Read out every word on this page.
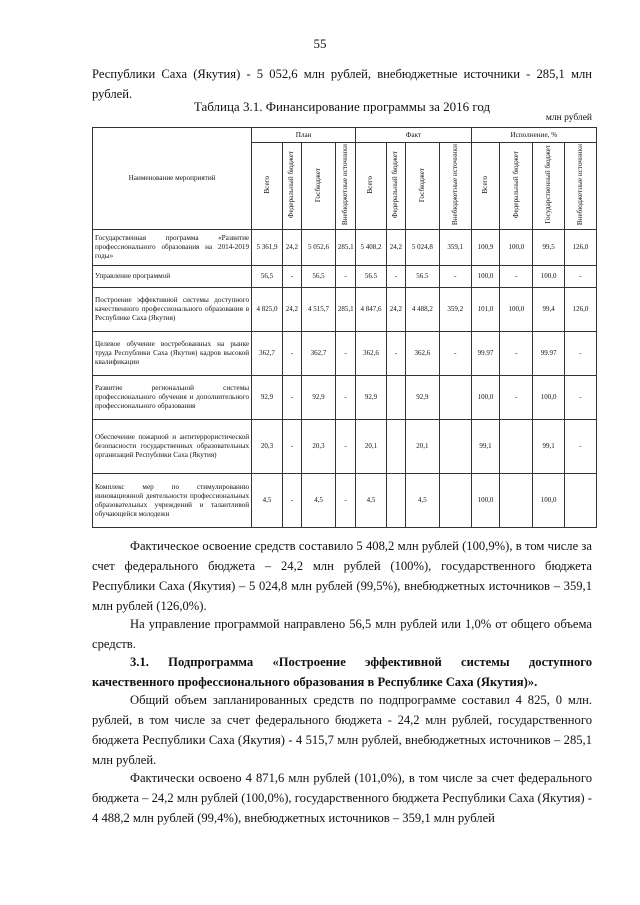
55

Республики Саха (Якутия) - 5 052,6 млн рублей, внебюджетные источники - 285,1 млн рублей.

Таблица 3.1. Финансирование программы за 2016 год
млн рублей
Наименование мероприятий	План				Факт				Исполнение, %			
	Всего	Федеральный бюджет	Госбюджет	Внебюджетные источники	Всего	Федеральный бюджет	Госбюджет	Внебюджетные источники	Всего	Федеральный бюджет	Государственный бюджет	Внебюджетные источники
Государственная программа «Развитие профессионального образования на 2014-2019 годы»	5 361,9	24,2	5 052,6	285,1	5 408,2	24,2	5 024,8	359,1	100,9	100,0	99,5	126,0
Управление программой	56,5	-	56,5	-	56.5	-	56.5	-	100,0	-	100.0	-
Построение эффективной системы доступного качественного профессионального образования в Республике Саха (Якутия)	4 825,0	24,2	4 515,7	285,1	4 847,6	24,2	4 488,2	359,2	101,0	100,0	99,4	126,0
Целевое обучение востребованных на рынке труда Республики Саха (Якутия) кадров высокой квалификации	362,7	-	362,7	-	362,6	-	362,6	-	99.97	-	99.97	-
Развитие региональной системы профессионального обучения и дополнительного профессионального образования	92,9	-	92,9	-	92,9		92,9		100,0	-	100,0	-
Обеспечение пожарной и антитеррористической безопасности государственных образовательных организаций Республики Саха (Якутия)	20,3	-	20,3	-	20,1		20,1		99,1		99,1	-
Комплекс мер по стимулированию инновационной деятельности профессиональных образовательных учреждений и талантливой обучающейся молодежи	4,5	-	4,5	-	4,5		4,5		100,0		100,0	

Фактическое освоение средств составило 5 408,2 млн рублей (100,9%), в том числе за счет федерального бюджета – 24,2 млн рублей (100%), государственного бюджета Республики Саха (Якутия) – 5 024,8 млн рублей (99,5%), внебюджетных источников – 359,1 млн рублей (126,0%).

На управление программой направлено 56,5 млн рублей или 1,0% от общего объема средств.

3.1. Подпрограмма «Построение эффективной системы доступного качественного профессионального образования в Республике Саха (Якутия)».

Общий объем запланированных средств по подпрограмме составил 4 825, 0 млн. рублей, в том числе за счет федерального бюджета - 24,2 млн рублей, государственного бюджета Республики Саха (Якутия) - 4 515,7 млн рублей, внебюджетных источников – 285,1 млн рублей.

Фактически освоено 4 871,6 млн рублей (101,0%), в том числе за счет федерального бюджета – 24,2 млн рублей (100,0%), государственного бюджета Республики Саха (Якутия) - 4 488,2 млн рублей (99,4%), внебюджетных источников – 359,1 млн рублей
